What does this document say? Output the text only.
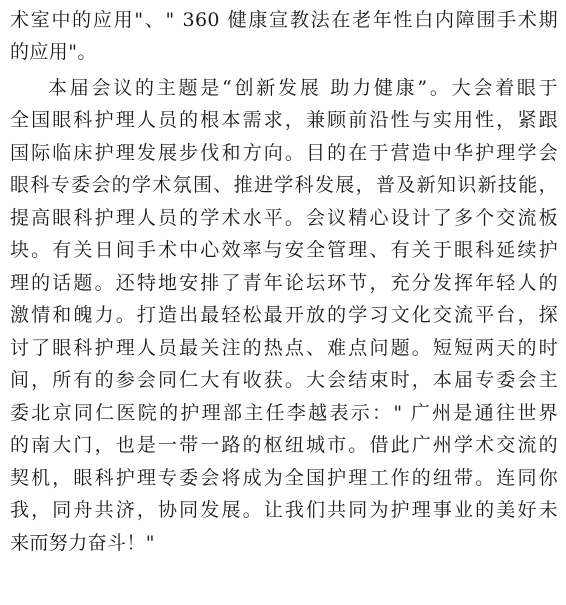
术室中的应用"、" 360 健康宣教法在老年性白内障围手术期
的应用"。
本届会议的主题是“创新发展 助力健康”。大会着眼于
全国眼科护理人员的根本需求，兼顾前沿性与实用性，紧跟
国际临床护理发展步伐和方向。目的在于营造中华护理学会
眼科专委会的学术氛围、推进学科发展，普及新知识新技能，
提高眼科护理人员的学术水平。会议精心设计了多个交流板
块。有关日间手术中心效率与安全管理、有关于眼科延续护
理的话题。还特地安排了青年论坛环节，充分发挥年轻人的
激情和魄力。打造出最轻松最开放的学习文化交流平台，探
讨了眼科护理人员最关注的热点、难点问题。短短两天的时
间，所有的参会同仁大有收获。大会结束时，本届专委会主
委北京同仁医院的护理部主任李越表示：" 广州是通往世界
的南大门，也是一带一路的枢纽城市。借此广州学术交流的
契机，眼科护理专委会将成为全国护理工作的纽带。连同你
我，同舟共济，协同发展。让我们共同为护理事业的美好未
来而努力奋斗！"
